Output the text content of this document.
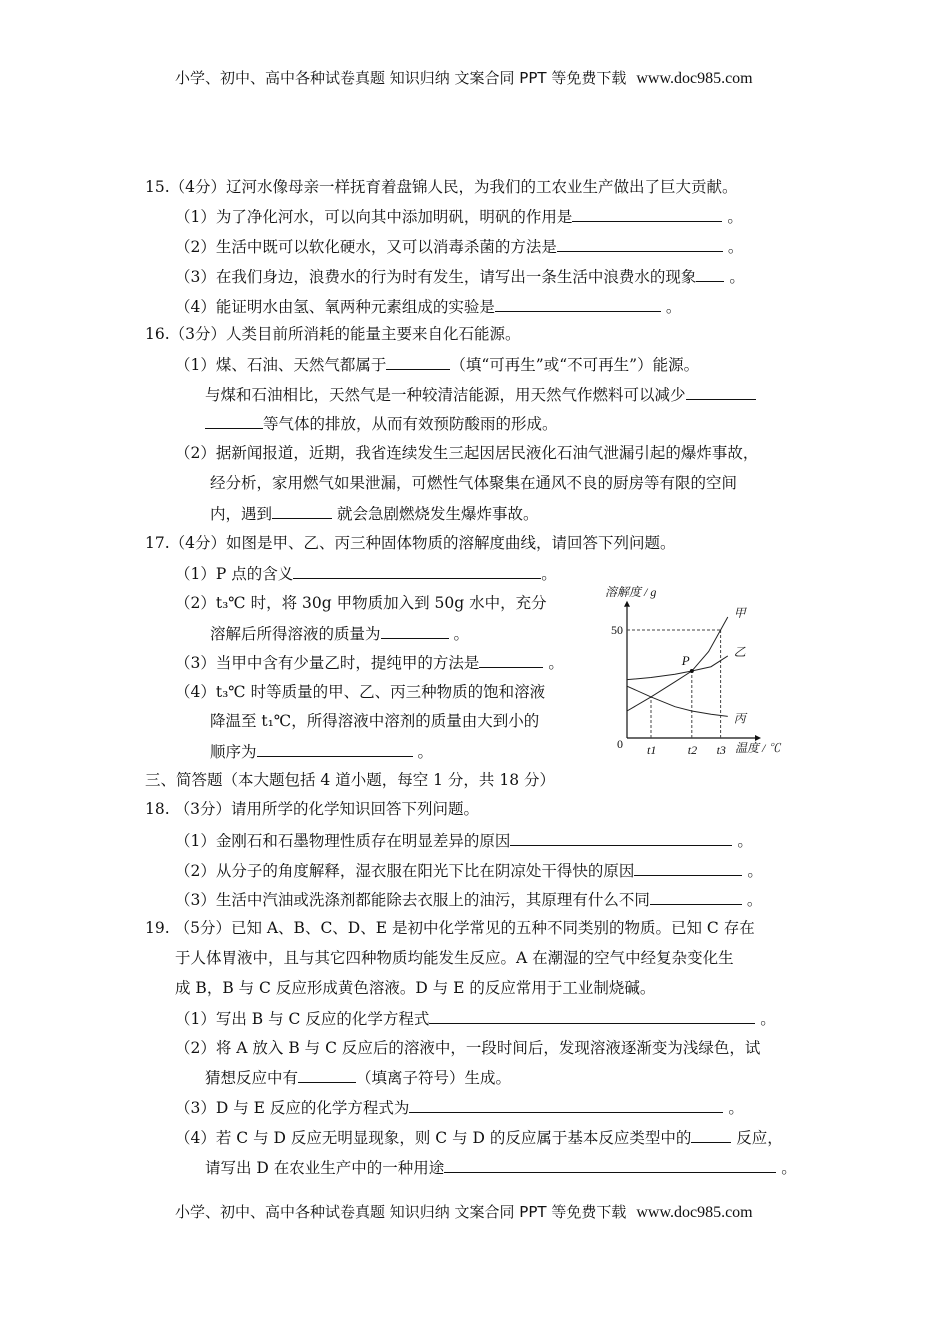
小学、初中、高中各种试卷真题 知识归纳 文案合同 PPT 等免费下载 www.doc985.com
15.（4分）辽河水像母亲一样抚育着盘锦人民，为我们的工农业生产做出了巨大贡献。
（1）为了净化河水，可以向其中添加明矾，明矾的作用是	。
（2）生活中既可以软化硬水，又可以消毒杀菌的方法是	。
（3）在我们身边，浪费水的行为时有发生，请写出一条生活中浪费水的现象 。
（4）能证明水由氢、氧两种元素组成的实验是	。
16.（3分）人类目前所消耗的能量主要来自化石能源。
（1）煤、石油、天然气都属于	（填“可再生”或“不可再生”）能源。
与煤和石油相比，天然气是一种较清洁能源，用天然气作燃料可以减少
等气体的排放，从而有效预防酸雨的形成。
（2）据新闻报道，近期，我省连续发生三起因居民液化石油气泄漏引起的爆炸事故，
经分析，家用燃气如果泄漏，可燃性气体聚集在通风不良的厨房等有限的空间
内，遇到	就会急剧燃烧发生爆炸事故。
17.（4分）如图是甲、乙、丙三种固体物质的溶解度曲线，请回答下列问题。
（1）P 点的含义	。
（2）t₃℃ 时，将 30g 甲物质加入到 50g 水中，充分
溶解后所得溶液的质量为	。
（3）当甲中含有少量乙时，提纯甲的方法是	。
（4）t₃℃ 时等质量的甲、乙、丙三种物质的饱和溶液
降温至 t₁℃，所得溶液中溶剂的质量由大到小的
顺序为	。	t1	t2 t3
甲
乙
丙
P
溶解度 / g
温度 / ℃
0
50
三、简答题（本大题包括 4 道小题，每空 1 分，共 18 分）
18. （3分）请用所学的化学知识回答下列问题。
（1）金刚石和石墨物理性质存在明显差异的原因	。
（2）从分子的角度解释，湿衣服在阳光下比在阴凉处干得快的原因	。
（3）生活中汽油或洗涤剂都能除去衣服上的油污，其原理有什么不同	。
19. （5分）已知 A、B、C、D、E 是初中化学常见的五种不同类别的物质。已知 C 存在
于人体胃液中，且与其它四种物质均能发生反应。A 在潮湿的空气中经复杂变化生
成 B，B 与 C 反应形成黄色溶液。D 与 E 的反应常用于工业制烧碱。
（1）写出 B 与 C 反应的化学方程式	。
（2）将 A 放入 B 与 C 反应后的溶液中，一段时间后，发现溶液逐渐变为浅绿色，试
猜想反应中有	（填离子符号）生成。
（3）D 与 E 反应的化学方程式为	。
（4）若 C 与 D 反应无明显现象，则 C 与 D 的反应属于基本反应类型中的	反应，
请写出 D 在农业生产中的一种用途	。
小学、初中、高中各种试卷真题 知识归纳 文案合同 PPT 等免费下载 www.doc985.com
